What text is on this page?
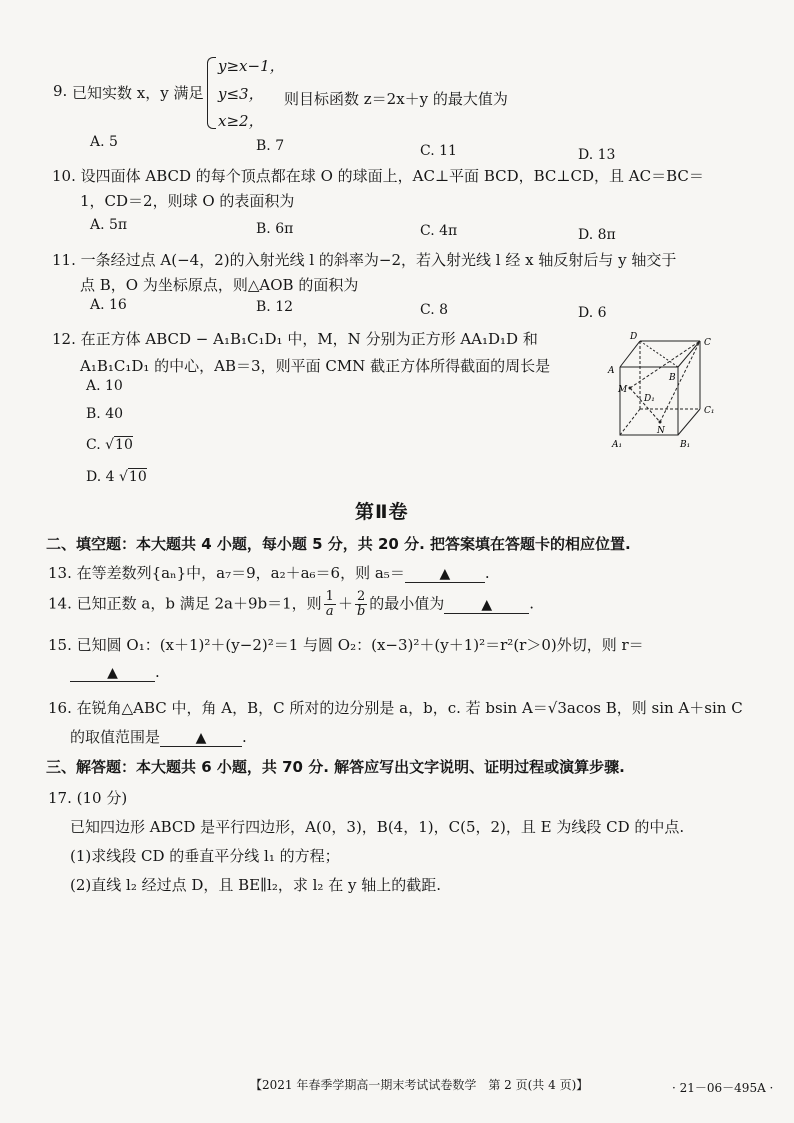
9. 已知实数 x，y 满足
y≥x−1，
y≤3，
x≥2，
则目标函数 z＝2x＋y 的最大值为
A. 5	B. 7	C. 11	D. 13
10. 设四面体 ABCD 的每个顶点都在球 O 的球面上，AC⊥平面 BCD，BC⊥CD，且 AC＝BC＝
1，CD＝2，则球 O 的表面积为
A. 5π	B. 6π	C. 4π	D. 8π
11. 一条经过点 A(−4，2)的入射光线 l 的斜率为−2，若入射光线 l 经 x 轴反射后与 y 轴交于
点 B，O 为坐标原点，则△AOB 的面积为
A. 16	B. 12	C. 8	D. 6
12. 在正方体 ABCD − A₁B₁C₁D₁ 中，M，N 分别为正方形 AA₁D₁D 和
A₁B₁C₁D₁ 的中心，AB＝3，则平面 CMN 截正方体所得截面的周长是
A. 10
B. 40
C. √10
D. 4 √10
D
C
A
B
M
D₁
C₁
N
A₁	B₁
第Ⅱ卷
二、填空题：本大题共 4 小题，每小题 5 分，共 20 分. 把答案填在答题卡的相应位置.
13. 在等差数列{aₙ}中，a₇＝9，a₂＋a₆＝6，则 a₅＝ ▲ .
14. 已知正数 a，b 满足 2a＋9b＝1，则 $\frac{1}{a} + \frac{2}{b}$ 的最小值为	▲ .
15. 已知圆 O₁：(x＋1)²＋(y−2)²＝1 与圆 O₂：(x−3)²＋(y＋1)²＝r²(r＞0)外切，则 r＝
▲ .
16. 在锐角△ABC 中，角 A，B，C 所对的边分别是 a，b，c. 若 bsin A＝√3acos B，则 sin A＋sin C
的取值范围是	▲ .
三、解答题：本大题共 6 小题，共 70 分. 解答应写出文字说明、证明过程或演算步骤.
17. (10 分)
已知四边形 ABCD 是平行四边形，A(0，3)，B(4，1)，C(5，2)，且 E 为线段 CD 的中点.
(1)求线段 CD 的垂直平分线 l₁ 的方程；
(2)直线 l₂ 经过点 D，且 BE∥l₂，求 l₂ 在 y 轴上的截距.
【2021 年春季学期高一期末考试试卷数学　第 2 页(共 4 页)】	· 21－06－495A ·
